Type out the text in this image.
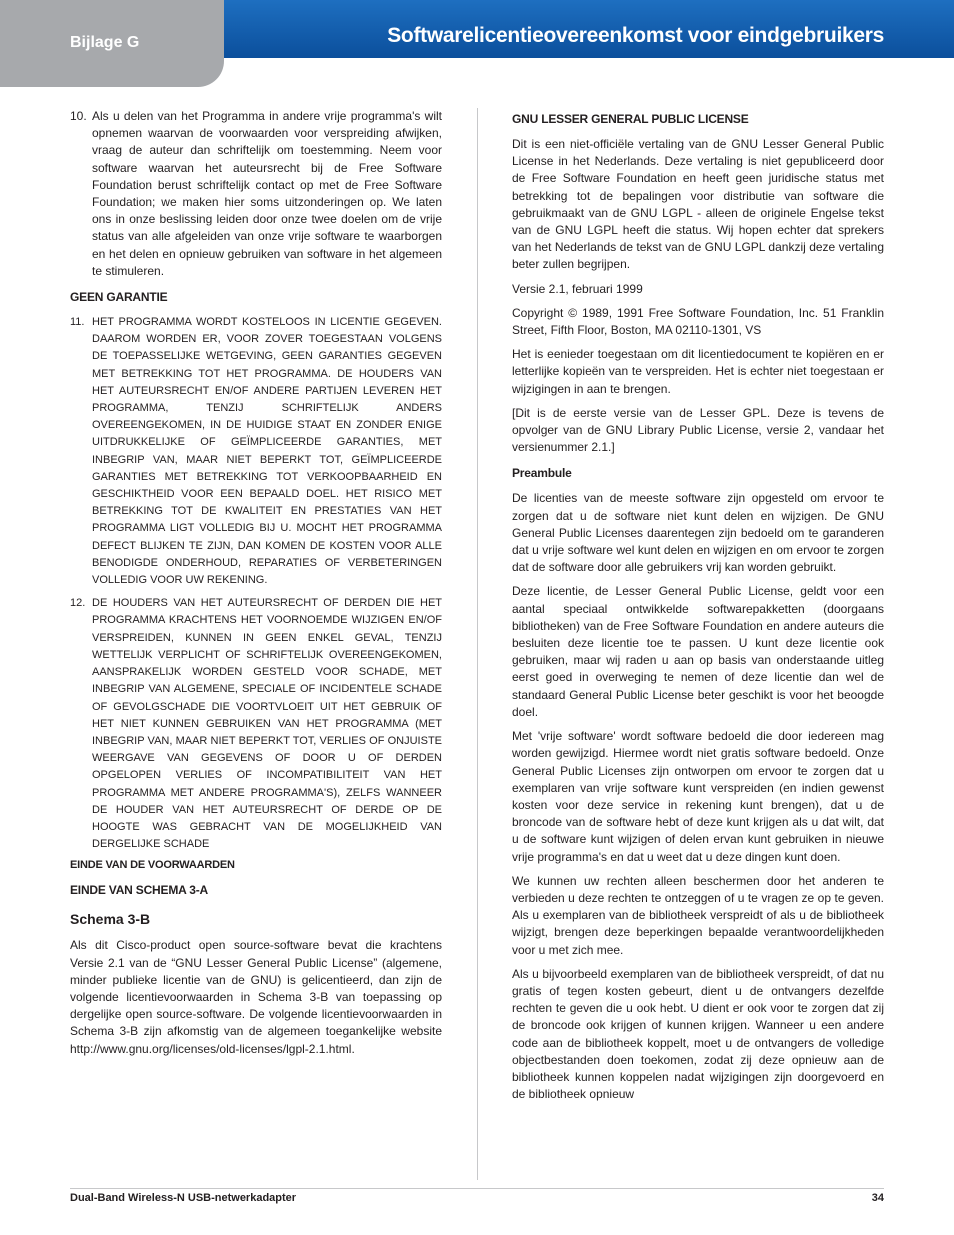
Bijlage G	Softwarelicentieovereenkomst voor eindgebruikers
10. Als u delen van het Programma in andere vrije programma's wilt opnemen waarvan de voorwaarden voor verspreiding afwijken, vraag de auteur dan schriftelijk om toestemming. Neem voor software waarvan het auteursrecht bij de Free Software Foundation berust schriftelijk contact op met de Free Software Foundation; we maken hier soms uitzonderingen op. We laten ons in onze beslissing leiden door onze twee doelen om de vrije status van alle afgeleiden van onze vrije software te waarborgen en het delen en opnieuw gebruiken van software in het algemeen te stimuleren.
GEEN GARANTIE
11. HET PROGRAMMA WORDT KOSTELOOS IN LICENTIE GEGEVEN. DAAROM WORDEN ER, VOOR ZOVER TOEGESTAAN VOLGENS DE TOEPASSELIJKE WETGEVING, GEEN GARANTIES GEGEVEN MET BETREKKING TOT HET PROGRAMMA. DE HOUDERS VAN HET AUTEURSRECHT EN/OF ANDERE PARTIJEN LEVEREN HET PROGRAMMA, TENZIJ SCHRIFTELIJK ANDERS OVEREENGEKOMEN, IN DE HUIDIGE STAAT EN ZONDER ENIGE UITDRUKKELIJKE OF GEÏMPLICEERDE GARANTIES, MET INBEGRIP VAN, MAAR NIET BEPERKT TOT, GEÏMPLICEERDE GARANTIES MET BETREKKING TOT VERKOOPBAARHEID EN GESCHIKTHEID VOOR EEN BEPAALD DOEL. HET RISICO MET BETREKKING TOT DE KWALITEIT EN PRESTATIES VAN HET PROGRAMMA LIGT VOLLEDIG BIJ U. MOCHT HET PROGRAMMA DEFECT BLIJKEN TE ZIJN, DAN KOMEN DE KOSTEN VOOR ALLE BENODIGDE ONDERHOUD, REPARATIES OF VERBETERINGEN VOLLEDIG VOOR UW REKENING.
12. DE HOUDERS VAN HET AUTEURSRECHT OF DERDEN DIE HET PROGRAMMA KRACHTENS HET VOORNOEMDE WIJZIGEN EN/OF VERSPREIDEN, KUNNEN IN GEEN ENKEL GEVAL, TENZIJ WETTELIJK VERPLICHT OF SCHRIFTELIJK OVEREENGEKOMEN, AANSPRAKELIJK WORDEN GESTELD VOOR SCHADE, MET INBEGRIP VAN ALGEMENE, SPECIALE OF INCIDENTELE SCHADE OF GEVOLGSCHADE DIE VOORTVLOEIT UIT HET GEBRUIK OF HET NIET KUNNEN GEBRUIKEN VAN HET PROGRAMMA (MET INBEGRIP VAN, MAAR NIET BEPERKT TOT, VERLIES OF ONJUISTE WEERGAVE VAN GEGEVENS OF DOOR U OF DERDEN OPGELOPEN VERLIES OF INCOMPATIBILITEIT VAN HET PROGRAMMA MET ANDERE PROGRAMMA'S), ZELFS WANNEER DE HOUDER VAN HET AUTEURSRECHT OF DERDE OP DE HOOGTE WAS GEBRACHT VAN DE MOGELIJKHEID VAN DERGELIJKE SCHADE
EINDE VAN DE VOORWAARDEN
EINDE VAN SCHEMA 3-A
Schema 3-B

Als dit Cisco-product open source-software bevat die krachtens Versie 2.1 van de “GNU Lesser General Public License” (algemene, minder publieke licentie van de GNU) is gelicentieerd, dan zijn de volgende licentievoorwaarden in Schema 3-B van toepassing op dergelijke open source-software. De volgende licentievoorwaarden in Schema 3-B zijn afkomstig van de algemeen toegankelijke website http://www.gnu.org/licenses/old-licenses/lgpl-2.1.html.

GNU LESSER GENERAL PUBLIC LICENSE

Dit is een niet-officiële vertaling van de GNU Lesser General Public License in het Nederlands. Deze vertaling is niet gepubliceerd door de Free Software Foundation en heeft geen juridische status met betrekking tot de bepalingen voor distributie van software die gebruikmaakt van de GNU LGPL - alleen de originele Engelse tekst van de GNU LGPL heeft die status. Wij hopen echter dat sprekers van het Nederlands de tekst van de GNU LGPL dankzij deze vertaling beter zullen begrijpen.

Versie 2.1, februari 1999

Copyright © 1989, 1991 Free Software Foundation, Inc. 51 Franklin Street, Fifth Floor, Boston, MA 02110-1301, VS

Het is eenieder toegestaan om dit licentiedocument te kopiëren en er letterlijke kopieën van te verspreiden. Het is echter niet toegestaan er wijzigingen in aan te brengen.

[Dit is de eerste versie van de Lesser GPL. Deze is tevens de opvolger van de GNU Library Public License, versie 2, vandaar het versienummer 2.1.]

Preambule

De licenties van de meeste software zijn opgesteld om ervoor te zorgen dat u de software niet kunt delen en wijzigen. De GNU General Public Licenses daarentegen zijn bedoeld om te garanderen dat u vrije software wel kunt delen en wijzigen en om ervoor te zorgen dat de software door alle gebruikers vrij kan worden gebruikt.

Deze licentie, de Lesser General Public License, geldt voor een aantal speciaal ontwikkelde softwarepakketten (doorgaans bibliotheken) van de Free Software Foundation en andere auteurs die besluiten deze licentie toe te passen. U kunt deze licentie ook gebruiken, maar wij raden u aan op basis van onderstaande uitleg eerst goed in overweging te nemen of deze licentie dan wel de standaard General Public License beter geschikt is voor het beoogde doel.

Met 'vrije software' wordt software bedoeld die door iedereen mag worden gewijzigd. Hiermee wordt niet gratis software bedoeld. Onze General Public Licenses zijn ontworpen om ervoor te zorgen dat u exemplaren van vrije software kunt verspreiden (en indien gewenst kosten voor deze service in rekening kunt brengen), dat u de broncode van de software hebt of deze kunt krijgen als u dat wilt, dat u de software kunt wijzigen of delen ervan kunt gebruiken in nieuwe vrije programma's en dat u weet dat u deze dingen kunt doen.

We kunnen uw rechten alleen beschermen door het anderen te verbieden u deze rechten te ontzeggen of u te vragen ze op te geven. Als u exemplaren van de bibliotheek verspreidt of als u de bibliotheek wijzigt, brengen deze beperkingen bepaalde verantwoordelijkheden voor u met zich mee.

Als u bijvoorbeeld exemplaren van de bibliotheek verspreidt, of dat nu gratis of tegen kosten gebeurt, dient u de ontvangers dezelfde rechten te geven die u ook hebt. U dient er ook voor te zorgen dat zij de broncode ook krijgen of kunnen krijgen. Wanneer u een andere code aan de bibliotheek koppelt, moet u de ontvangers de volledige objectbestanden doen toekomen, zodat zij deze opnieuw aan de bibliotheek kunnen koppelen nadat wijzigingen zijn doorgevoerd en de bibliotheek opnieuw

Dual-Band Wireless-N USB-netwerkadapter	34
